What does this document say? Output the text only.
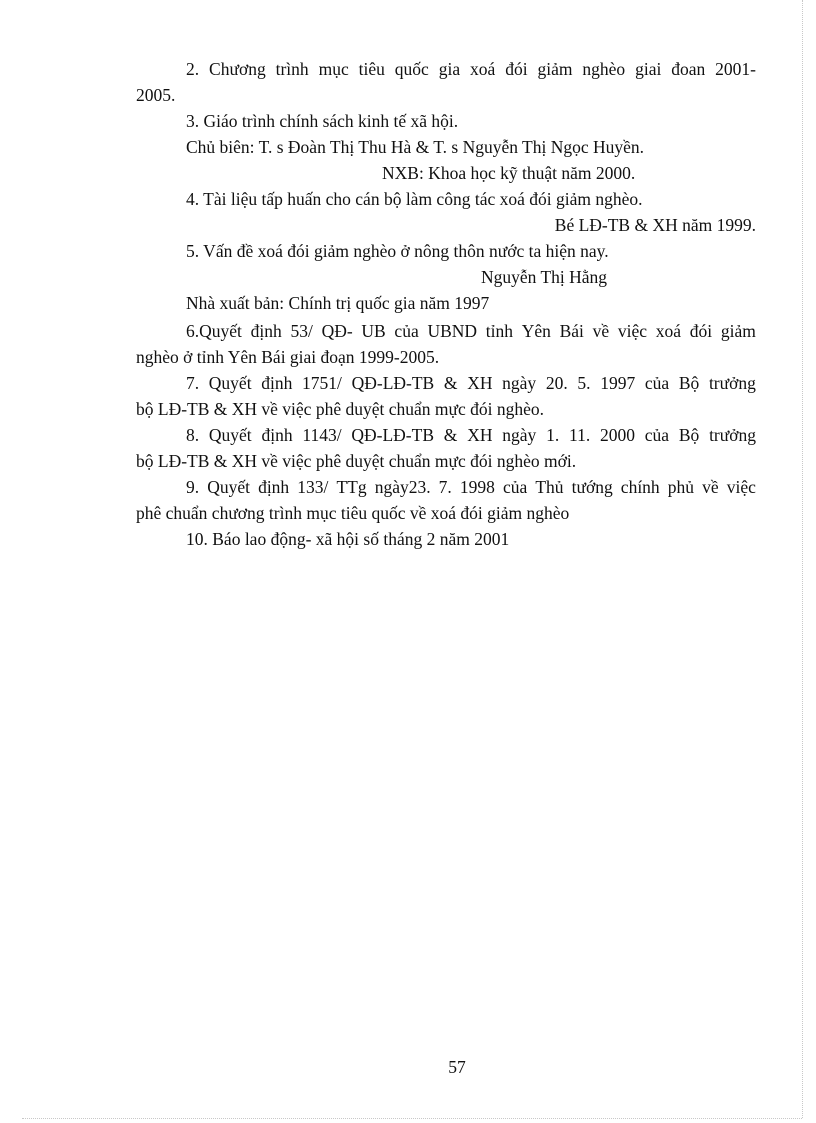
2. Chương trình mục tiêu quốc gia xoá đói giảm nghèo giai đoan 2001-
2005.
3. Giáo trình chính sách kinh tế xã hội.
Chủ biên: T. s Đoàn Thị Thu Hà & T. s Nguyễn Thị Ngọc Huyền.
NXB: Khoa học kỹ thuật năm 2000.
4. Tài liệu tấp huấn cho cán bộ làm công tác xoá đói giảm nghèo.
Bé LĐ-TB & XH năm 1999.
5. Vấn đề xoá đói giảm nghèo ở nông thôn nước ta hiện nay.
Nguyễn Thị Hằng
Nhà xuất bản: Chính trị quốc gia năm 1997
6.Quyết định 53/ QĐ- UB của UBND tỉnh Yên Bái về việc xoá đói giảm
nghèo ở tỉnh Yên Bái giai đoạn 1999-2005.
7. Quyết định 1751/ QĐ-LĐ-TB & XH ngày 20. 5. 1997 của Bộ trưởng
bộ LĐ-TB & XH về việc phê duyệt chuẩn mực đói nghèo.
8. Quyết định 1143/ QĐ-LĐ-TB & XH ngày 1. 11. 2000 của Bộ trưởng
bộ LĐ-TB & XH về việc phê duyệt chuẩn mực đói nghèo mới.
9. Quyết định 133/ TTg ngày23. 7. 1998 của Thủ tướng chính phủ về việc
phê chuẩn chương trình mục tiêu quốc về xoá đói giảm nghèo
10. Báo lao động- xã hội số tháng 2 năm 2001
57
